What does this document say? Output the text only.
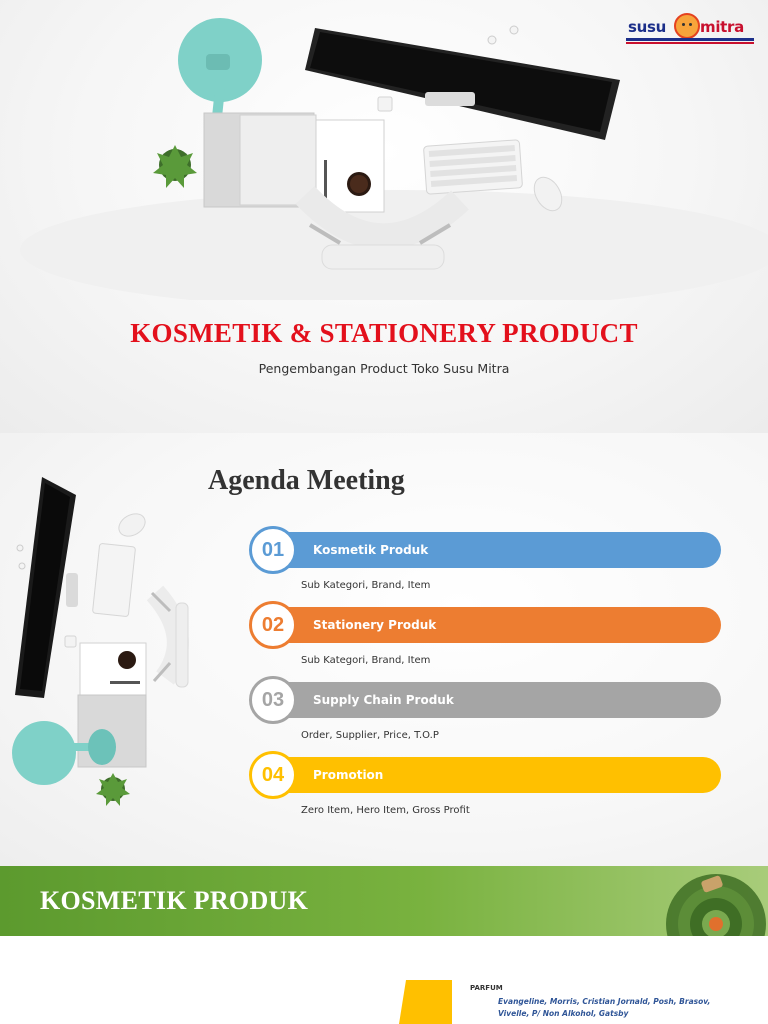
susu mitra
KOSMETIK & STATIONERY PRODUCT

Pengembangan Product Toko Susu Mitra

Agenda Meeting
Kosmetik Produk
01
Sub Kategori, Brand, Item
Stationery Produk
02
Sub Kategori, Brand, Item
Supply Chain Produk
03
Order, Supplier, Price, T.O.P
Promotion
04
Zero Item, Hero Item, Gross Profit
KOSMETIK PRODUK
PARFUM
Evangeline, Morris, Cristian Jornald, Posh, Brasov, Vivelle, P/ Non Alkohol, Gatsby
